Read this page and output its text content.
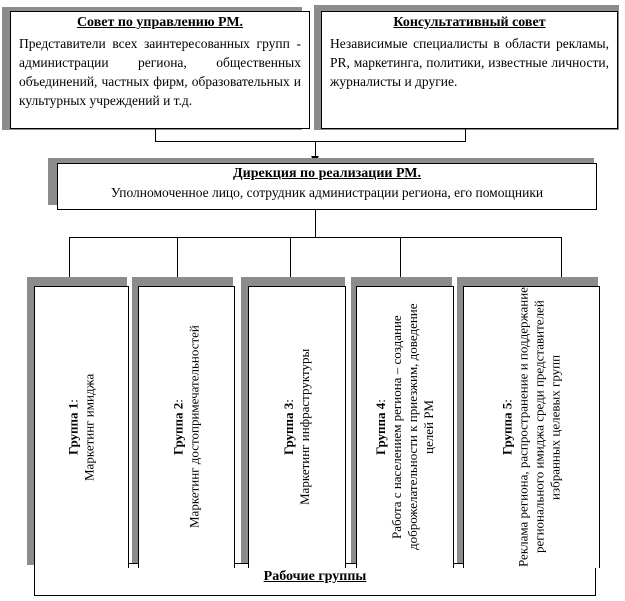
Совет по управлению РМ.
Представители всех заинтересованных групп - администрации региона, общественных объединений, частных фирм, образовательных и культурных учреждений и т.д.
Консультативный совет
Независимые специалисты в области рекламы, PR, маркетинга, политики, известные личности, журналисты и другие.
Дирекция по реализации РМ.
Уполномоченное лицо, сотрудник администрации региона, его помощники
Группа 1:
Маркетинг имиджа	Группа 2:
Маркетинг достопримечательностей	Группа 3:
Маркетинг инфраструктуры	Группа 4:
Работа с населением региона – создание доброжелательности к приезжим, доведение целей РМ	Группа 5:
Реклама региона, распространение и поддержание регионального имиджа среди представителей избранных целевых групп
Рабочие группы
